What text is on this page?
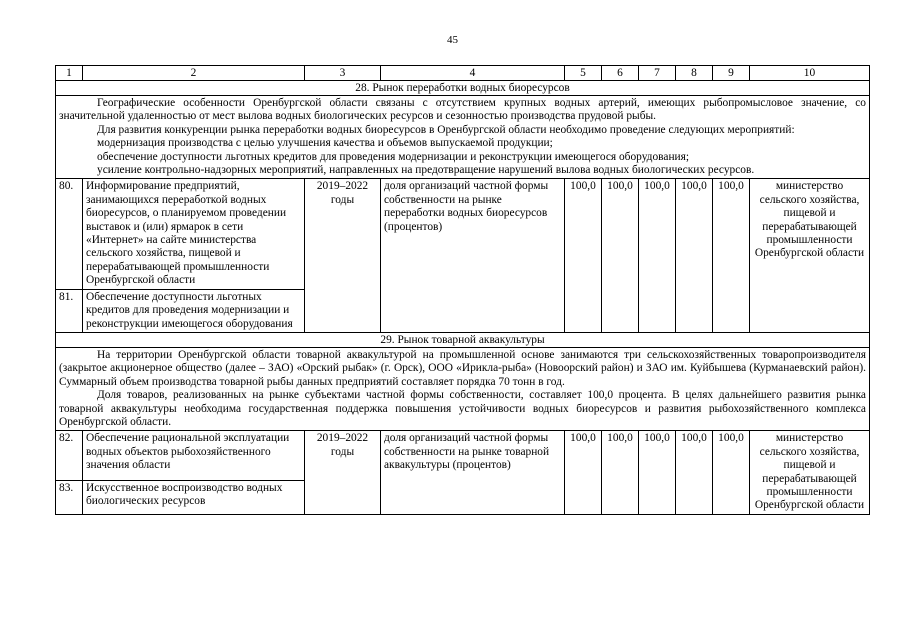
45
1	2	3	4	5	6	7	8	9	10
28. Рынок переработки водных биоресурсов									

Географические особенности Оренбургской области связаны с отсутствием крупных водных артерий, имеющих рыбопромысловое значение, со значительной удаленностью от мест вылова водных биологических ресурсов и сезонностью производства прудовой рыбы.

Для развития конкуренции рынка переработки водных биоресурсов в Оренбургской области необходимо проведение следующих мероприятий:

модернизация производства с целью улучшения качества и объемов выпускаемой продукции;

обеспечение доступности льготных кредитов для проведения модернизации и реконструкции имеющегося оборудования;

усиление контрольно-надзорных мероприятий, направленных на предотвращение нарушений вылова водных биологических ресурсов.									

80.	Информирование предприятий, занимающихся переработкой водных биоресурсов, о планируемом проведении выставок и (или) ярмарок в сети «Интернет» на сайте министерства сельского хозяйства, пищевой и перерабатывающей промышленности Оренбургской области	2019–2022 годы	доля организаций частной формы собственности на рынке переработки водных биоресурсов (процентов)	100,0	100,0	100,0	100,0	100,0	министерство сельского хозяйства, пищевой и перерабатывающей промышленности Оренбургской области
81.	Обеспечение доступности льготных кредитов для проведения модернизации и реконструкции имеющегося оборудования								
29. Рынок товарной аквакультуры									

На территории Оренбургской области товарной аквакультурой на промышленной основе занимаются три сельскохозяйственных товаропроизводителя (закрытое акционерное общество (далее – ЗАО) «Орский рыбак» (г. Орск), ООО «Ирикла-рыба» (Новоорский район) и ЗАО им. Куйбышева (Курманаевский район). Суммарный объем производства товарной рыбы данных предприятий составляет порядка 70 тонн в год.

Доля товаров, реализованных на рынке субъектами частной формы собственности, составляет 100,0 процента. В целях дальнейшего развития рынка товарной аквакультуры необходима государственная поддержка повышения устойчивости водных биоресурсов и развития рыбохозяйственного комплекса Оренбургской области.									

82.	Обеспечение рациональной эксплуатации водных объектов рыбохозяйственного значения области	2019–2022 годы	доля организаций частной формы собственности на рынке товарной аквакультуры (процентов)	100,0	100,0	100,0	100,0	100,0	министерство сельского хозяйства, пищевой и перерабатывающей промышленности Оренбургской области
83.	Искусственное воспроизводство водных биологических ресурсов								
